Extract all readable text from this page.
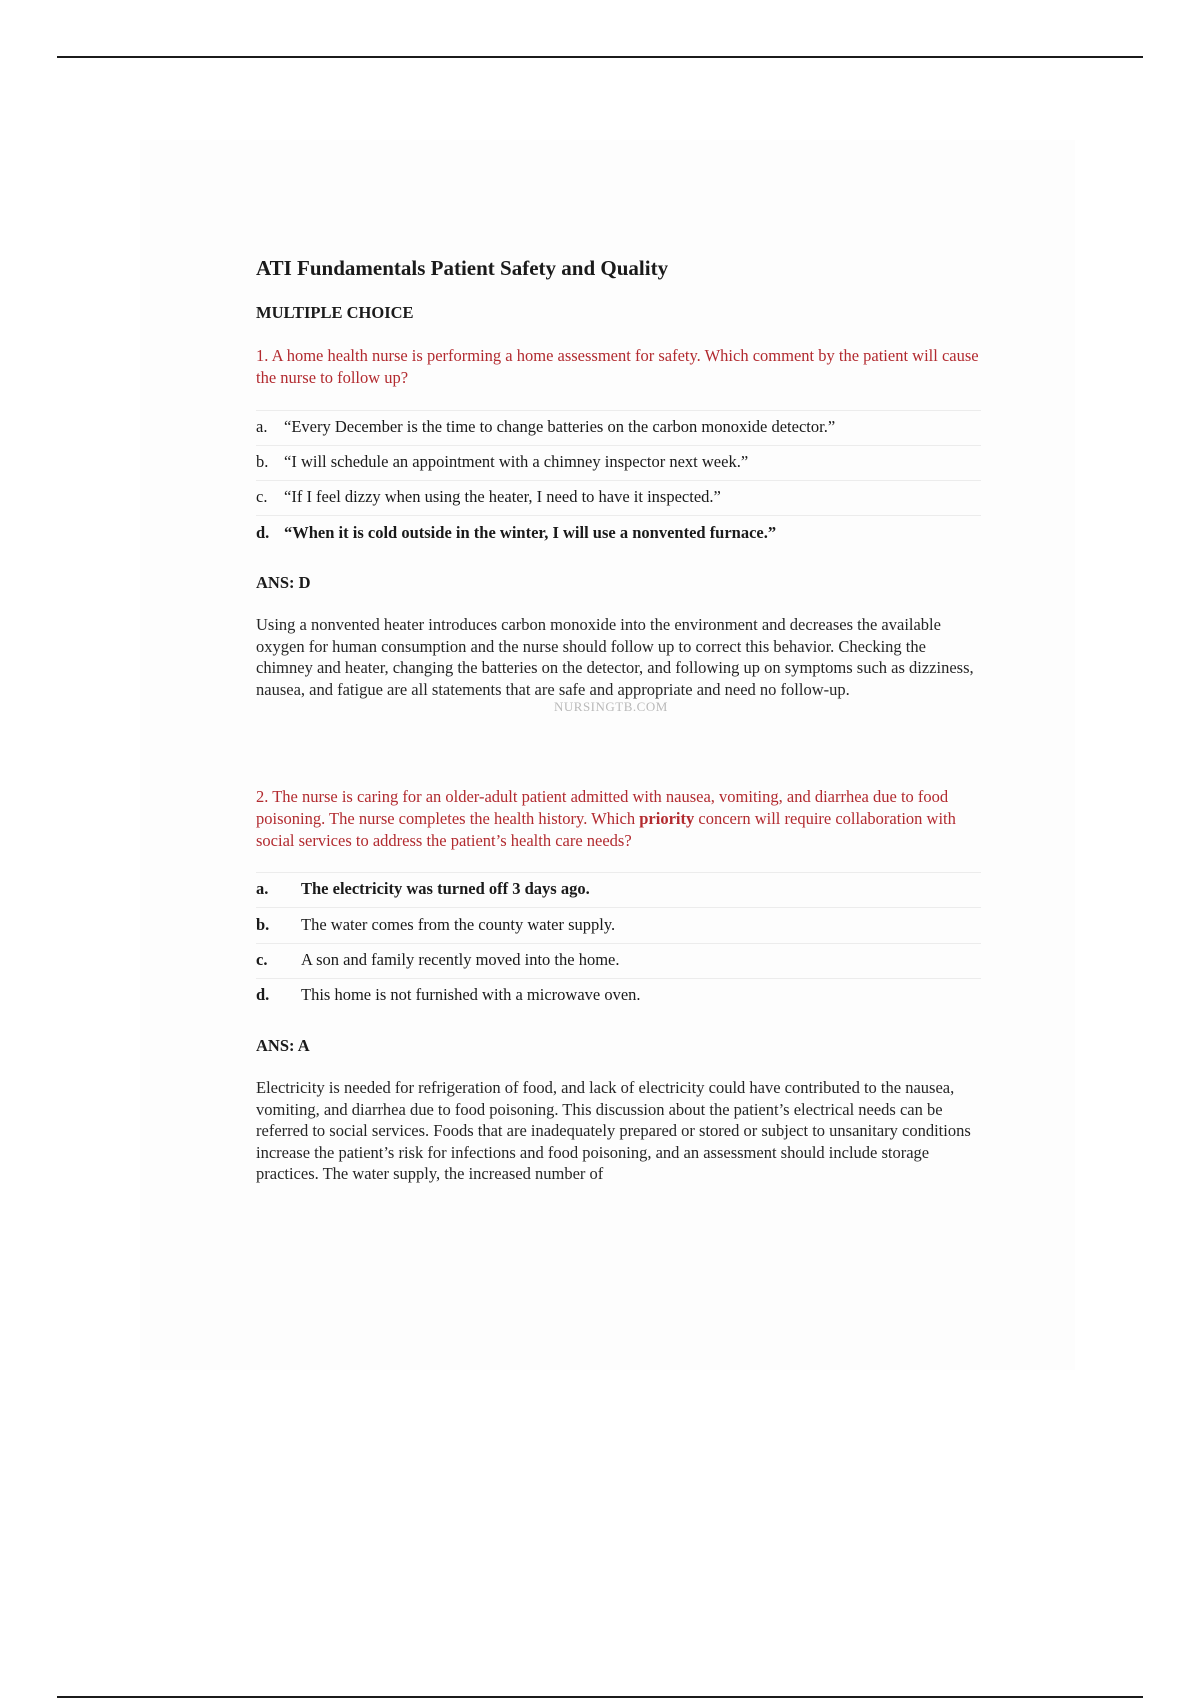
ATI Fundamentals Patient Safety and Quality
MULTIPLE CHOICE
1. A home health nurse is performing a home assessment for safety. Which comment by the patient will cause the nurse to follow up?
a. “Every December is the time to change batteries on the carbon monoxide detector.”
b. “I will schedule an appointment with a chimney inspector next week.”
c. “If I feel dizzy when using the heater, I need to have it inspected.”
d. “When it is cold outside in the winter, I will use a nonvented furnace.”
ANS: D
Using a nonvented heater introduces carbon monoxide into the environment and decreases the available oxygen for human consumption and the nurse should follow up to correct this behavior. Checking the chimney and heater, changing the batteries on the detector, and following up on symptoms such as dizziness, nausea, and fatigue are all statements that are safe and appropriate and need no follow-up.
NURSINGTB.COM
2. The nurse is caring for an older-adult patient admitted with nausea, vomiting, and diarrhea due to food poisoning. The nurse completes the health history. Which priority concern will require collaboration with social services to address the patient’s health care needs?
a. The electricity was turned off 3 days ago.
b. The water comes from the county water supply.
c. A son and family recently moved into the home.
d. This home is not furnished with a microwave oven.
ANS: A
Electricity is needed for refrigeration of food, and lack of electricity could have contributed to the nausea, vomiting, and diarrhea due to food poisoning. This discussion about the patient’s electrical needs can be referred to social services. Foods that are inadequately prepared or stored or subject to unsanitary conditions increase the patient’s risk for infections and food poisoning, and an assessment should include storage practices. The water supply, the increased number of
